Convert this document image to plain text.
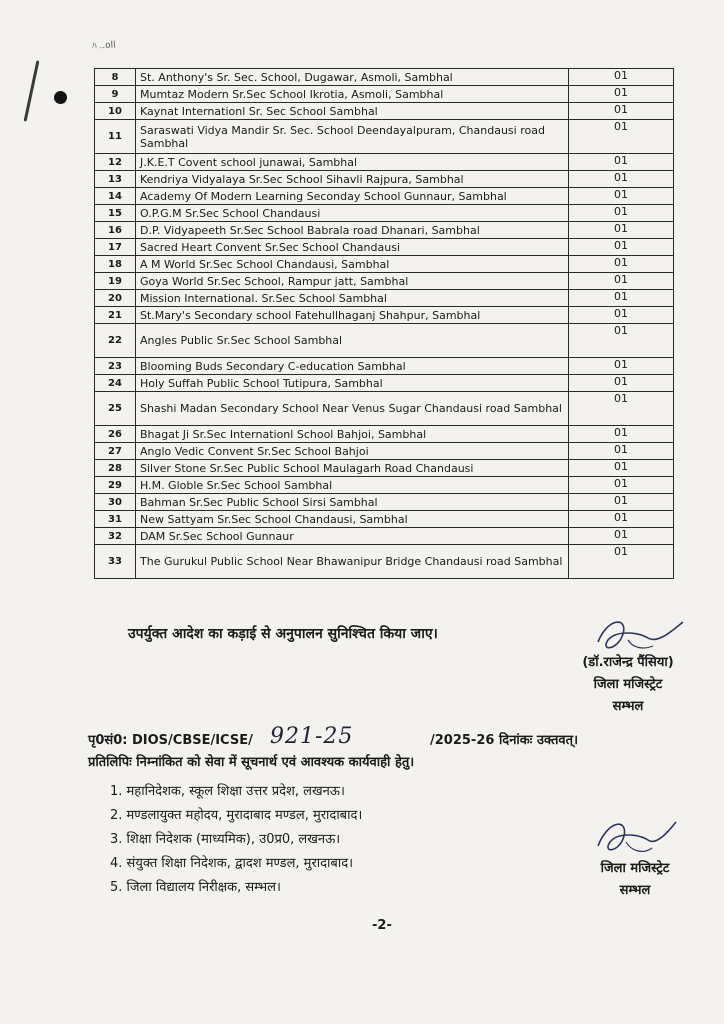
ﾊ ..oll
8	St. Anthony's Sr. Sec. School, Dugawar, Asmoli, Sambhal	01
9	Mumtaz Modern Sr.Sec School Ikrotia, Asmoli, Sambhal	01
10	Kaynat Internationl Sr. Sec School Sambhal	01
11	Saraswati Vidya Mandir Sr. Sec. School Deendayalpuram, Chandausi road Sambhal	01
12	J.K.E.T Covent school junawai, Sambhal	01
13	Kendriya Vidyalaya Sr.Sec School Sihavli Rajpura, Sambhal	01
14	Academy Of Modern Learning Seconday School Gunnaur, Sambhal	01
15	O.P.G.M Sr.Sec School Chandausi	01
16	D.P. Vidyapeeth Sr.Sec School Babrala road Dhanari, Sambhal	01
17	Sacred Heart Convent Sr.Sec School Chandausi	01
18	A M World Sr.Sec School Chandausi, Sambhal	01
19	Goya World Sr.Sec School, Rampur jatt, Sambhal	01
20	Mission International. Sr.Sec School Sambhal	01
21	St.Mary's Secondary school Fatehullhaganj Shahpur, Sambhal	01
22	Angles Public Sr.Sec School Sambhal	01
23	Blooming Buds Secondary C-education Sambhal	01
24	Holy Suffah Public School Tutipura, Sambhal	01
25	Shashi Madan Secondary School Near Venus Sugar Chandausi road Sambhal	01
26	Bhagat Ji Sr.Sec Internationl School Bahjoi, Sambhal	01
27	Anglo Vedic Convent Sr.Sec School Bahjoi	01
28	Silver Stone Sr.Sec Public School Maulagarh Road Chandausi	01
29	H.M. Globle Sr.Sec School Sambhal	01
30	Bahman Sr.Sec Public School Sirsi Sambhal	01
31	New Sattyam Sr.Sec School Chandausi, Sambhal	01
32	DAM Sr.Sec School Gunnaur	01
33	The Gurukul Public School Near Bhawanipur Bridge Chandausi road Sambhal	01
उपर्युक्त आदेश का कड़ाई से अनुपालन सुनिश्चित किया जाए।
(डॉ.राजेन्द्र पैंसिया)
जिला मजिस्ट्रेट
सम्भल
पृ0सं0: DIOS/CBSE/ICSE/ 921-25	/2025-26 दिनांकः उक्तवत्।
प्रतिलिपिः निम्नांकित को सेवा में सूचनार्थ एवं आवश्यक कार्यवाही हेतु।
1. महानिदेशक, स्कूल शिक्षा उत्तर प्रदेश, लखनऊ।
2. मण्डलायुक्त महोदय, मुरादाबाद मण्डल, मुरादाबाद।
3. शिक्षा निदेशक (माध्यमिक), उ0प्र0, लखनऊ।
4. संयुक्त शिक्षा निदेशक, द्वादश मण्डल, मुरादाबाद।
5. जिला विद्यालय निरीक्षक, सम्भल।
जिला मजिस्ट्रेट
सम्भल
-2-
